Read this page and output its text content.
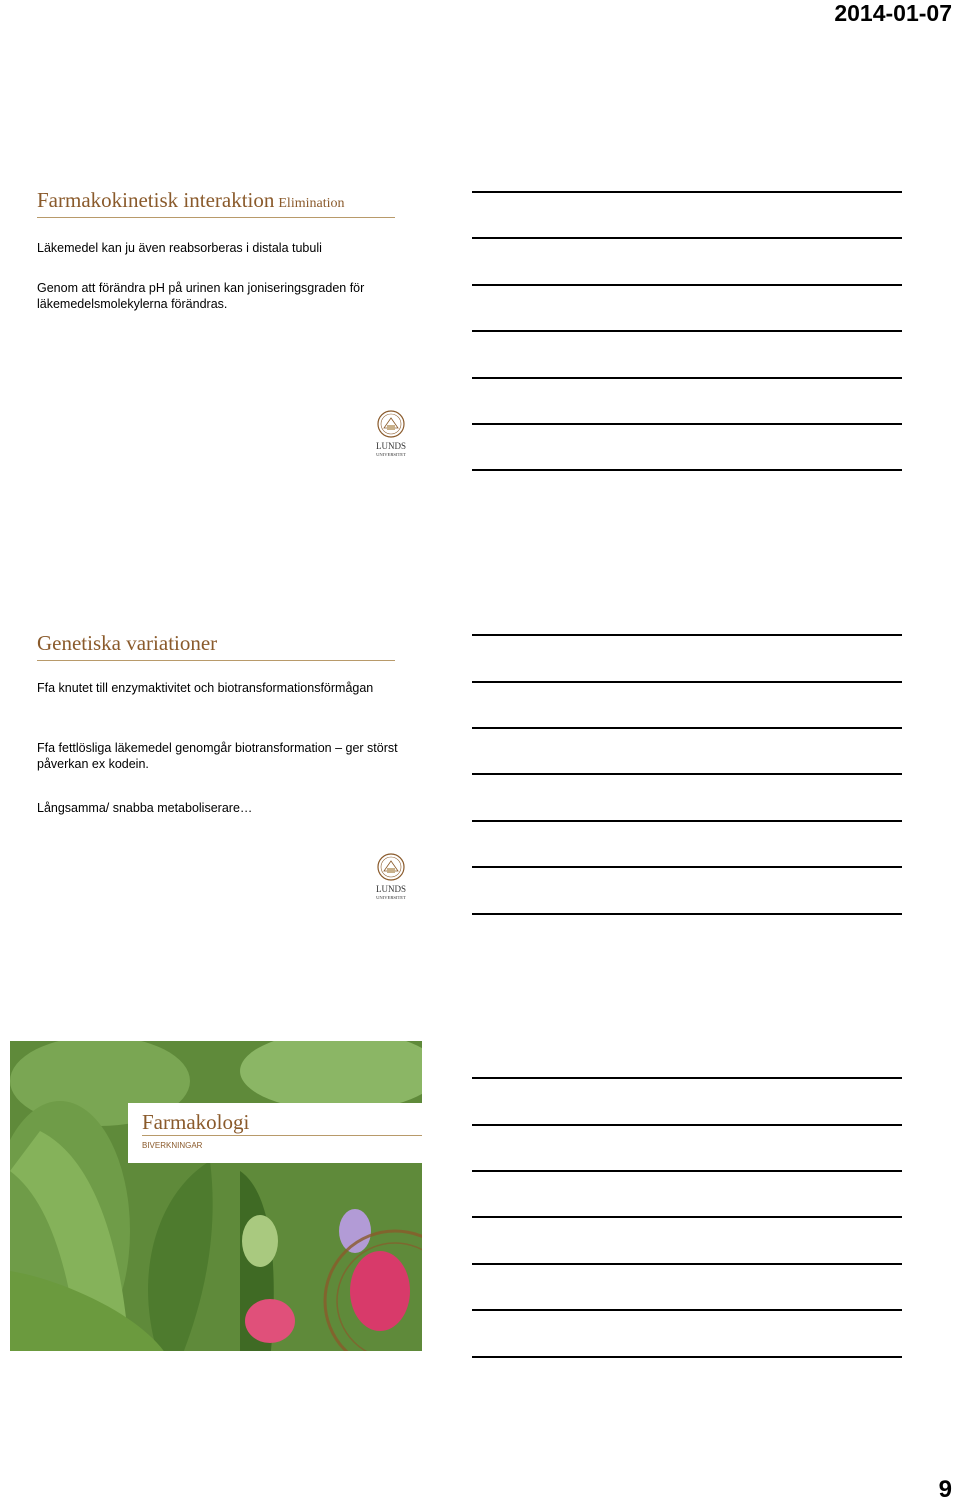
2014-01-07
Farmakokinetisk interaktion Elimination
Läkemedel kan ju även reabsorberas i distala tubuli
Genom att förändra pH på urinen kan joniseringsgraden för läkemedelsmolekylerna förändras.
LUNDS
UNIVERSITET
Genetiska variationer
Ffa knutet till enzymaktivitet och biotransformationsförmågan
Ffa fettlösliga läkemedel genomgår biotransformation – ger störst påverkan ex kodein.
Långsamma/ snabba metaboliserare…
LUNDS
UNIVERSITET
Farmakologi
BIVERKNINGAR
9
